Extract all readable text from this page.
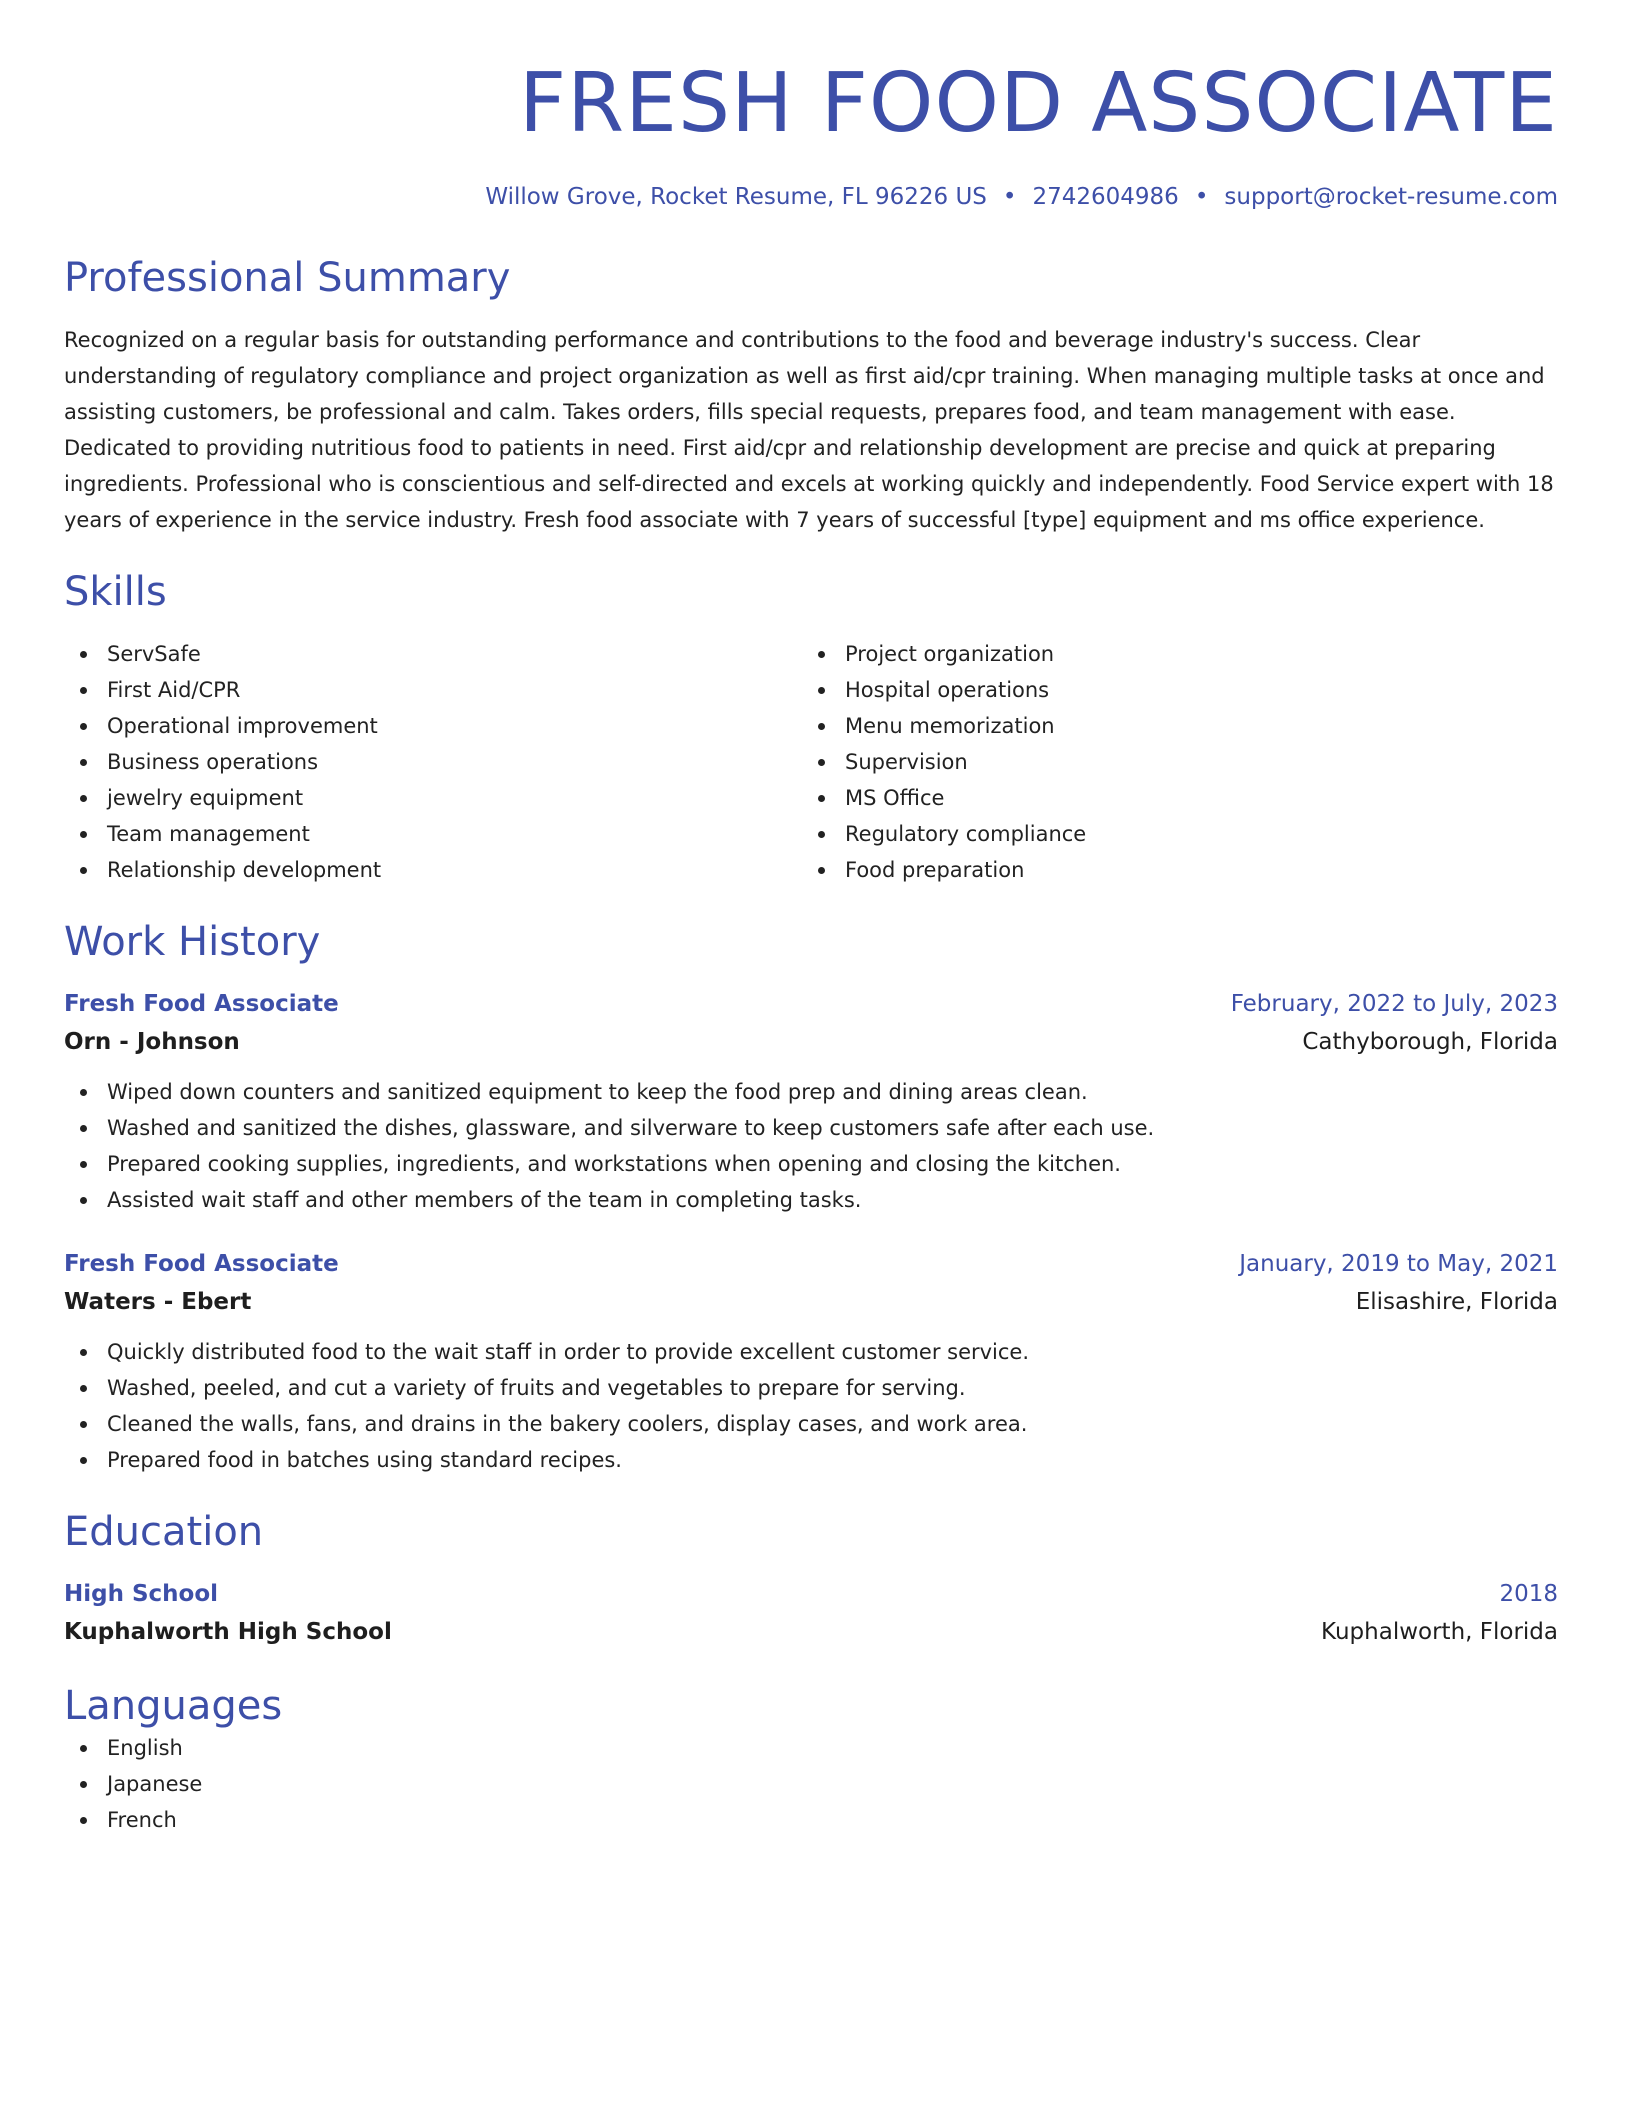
FRESH FOOD ASSOCIATE
Willow Grove, Rocket Resume, FL 96226 US • 2742604986 • support@rocket-resume.com
Professional Summary
Recognized on a regular basis for outstanding performance and contributions to the food and beverage industry's success. Clear understanding of regulatory compliance and project organization as well as first aid/cpr training. When managing multiple tasks at once and assisting customers, be professional and calm. Takes orders, fills special requests, prepares food, and team management with ease. Dedicated to providing nutritious food to patients in need. First aid/cpr and relationship development are precise and quick at preparing ingredients. Professional who is conscientious and self-directed and excels at working quickly and independently. Food Service expert with 18 years of experience in the service industry. Fresh food associate with 7 years of successful [type] equipment and ms office experience.
Skills
ServSafe
First Aid/CPR
Operational improvement
Business operations
jewelry equipment
Team management
Relationship development
Project organization
Hospital operations
Menu memorization
Supervision
MS Office
Regulatory compliance
Food preparation
Work History
Fresh Food Associate	February, 2022 to July, 2023
Orn - Johnson	Cathyborough, Florida
Wiped down counters and sanitized equipment to keep the food prep and dining areas clean.
Washed and sanitized the dishes, glassware, and silverware to keep customers safe after each use.
Prepared cooking supplies, ingredients, and workstations when opening and closing the kitchen.
Assisted wait staff and other members of the team in completing tasks.
Fresh Food Associate	January, 2019 to May, 2021
Waters - Ebert	Elisashire, Florida
Quickly distributed food to the wait staff in order to provide excellent customer service.
Washed, peeled, and cut a variety of fruits and vegetables to prepare for serving.
Cleaned the walls, fans, and drains in the bakery coolers, display cases, and work area.
Prepared food in batches using standard recipes.
Education
High School	2018
Kuphalworth High School	Kuphalworth, Florida
Languages
English
Japanese
French
